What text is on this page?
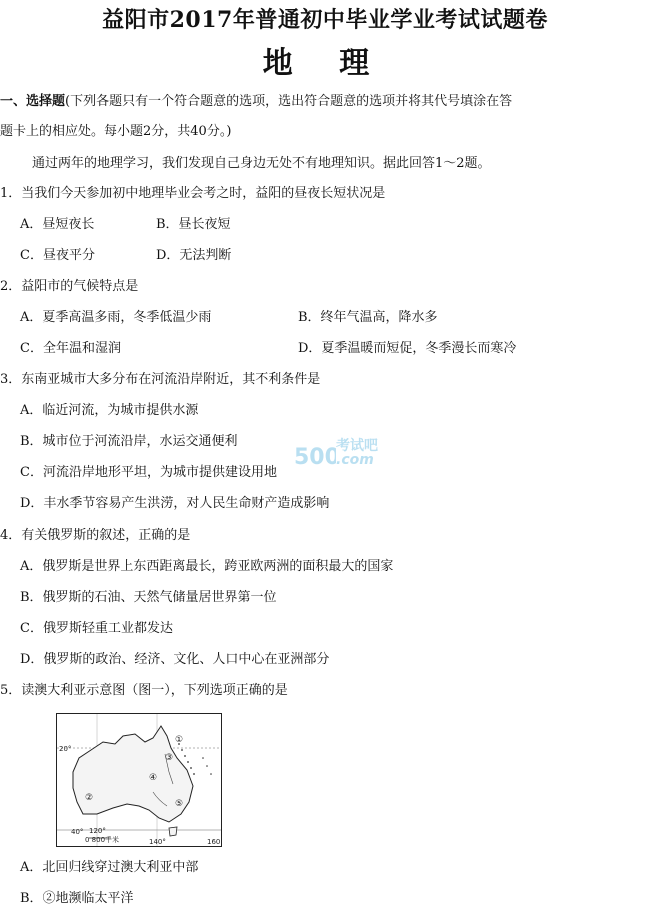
益阳市2017年普通初中毕业学业考试试题卷
地 理
一、选择题(下列各题只有一个符合题意的选项，选出符合题意的选项并将其代号填涂在答
题卡上的相应处。每小题2分，共40分。)
通过两年的地理学习，我们发现自己身边无处不有地理知识。据此回答1～2题。
1．当我们今天参加初中地理毕业会考之时，益阳的昼夜长短状况是
A．昼短夜长	B．昼长夜短
C．昼夜平分	D．无法判断
2．益阳市的气候特点是
A．夏季高温多雨，冬季低温少雨	B．终年气温高，降水多
C．全年温和湿润	D．夏季温暖而短促，冬季漫长而寒冷
3．东南亚城市大多分布在河流沿岸附近，其不利条件是
A．临近河流，为城市提供水源
B．城市位于河流沿岸，水运交通便利
C．河流沿岸地形平坦，为城市提供建设用地
D．丰水季节容易产生洪涝，对人民生命财产造成影响
4．有关俄罗斯的叙述，正确的是
A．俄罗斯是世界上东西距离最长，跨亚欧两洲的面积最大的国家
B．俄罗斯的石油、天然气储量居世界第一位
C．俄罗斯轻重工业都发达
D．俄罗斯的政治、经济、文化、人口中心在亚洲部分
5．读澳大利亚示意图（图一），下列选项正确的是
20°
40° 120°
140°	160
0 800千米
①
②
③
④
⑤
A．北回归线穿过澳大利亚中部
B．②地濒临太平洋
500
考试吧
.com
